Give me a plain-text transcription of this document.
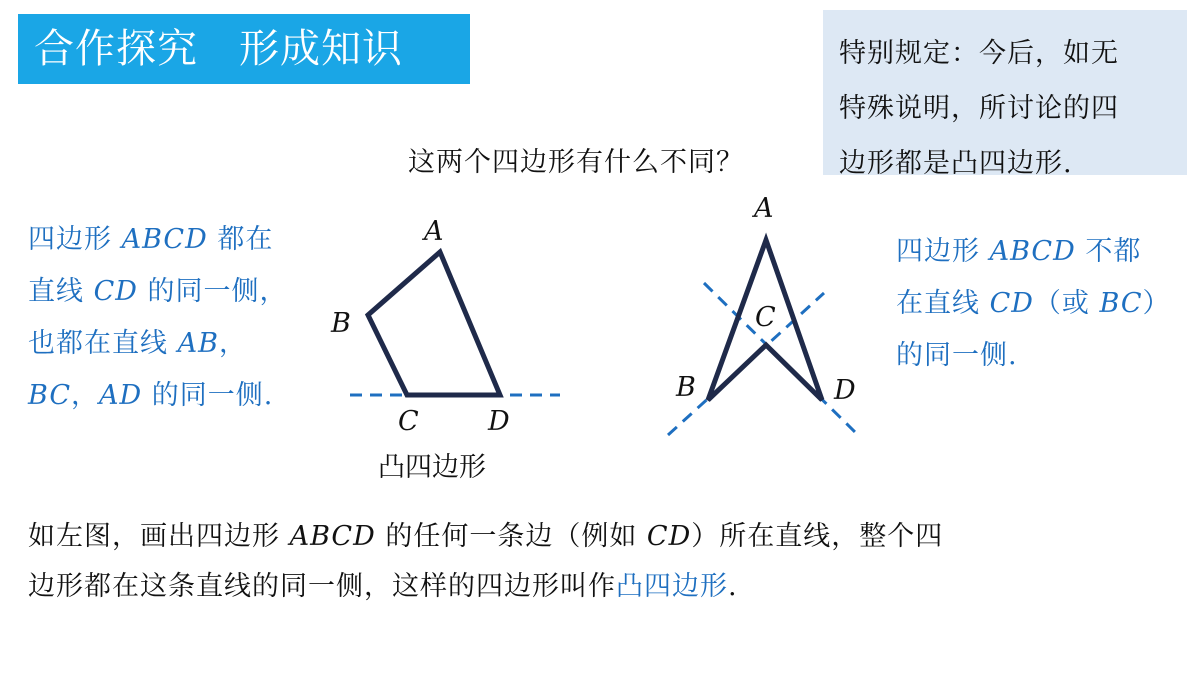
合作探究　形成知识	特别规定：今后，如无
特殊说明，所讨论的四
边形都是凸四边形.
这两个四边形有什么不同？
四边形 ABCD 都在
直线 CD 的同一侧，
也都在直线 AB，
BC，AD 的同一侧.
四边形 ABCD 不都
在直线 CD（或 BC）
的同一侧.
A
B
C	D
凸四边形
A
B
C
D
如左图，画出四边形 ABCD 的任何一条边（例如 CD）所在直线，整个四
边形都在这条直线的同一侧，这样的四边形叫作凸四边形.
